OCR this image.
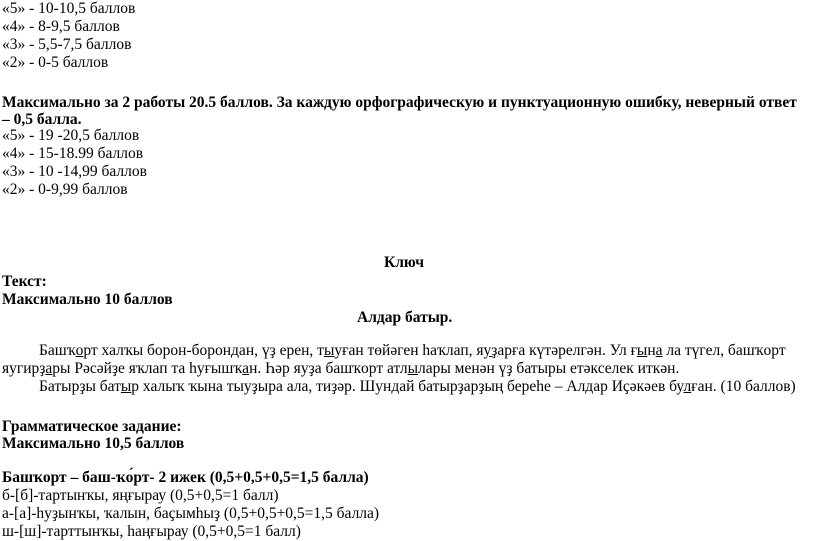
«5» - 10-10,5 баллов
«4» - 8-9,5 баллов
«3» - 5,5-7,5 баллов
«2» - 0-5 баллов
Максимально за 2 работы 20.5 баллов. За каждую орфографическую и пунктуационную ошибку, неверный ответ
– 0,5 балла.
«5» - 19 -20,5 баллов
«4» - 15-18.99 баллов
«3» - 10 -14,99 баллов
«2» - 0-9,99 баллов
Ключ
Текст:
Максимально 10 баллов
Алдар батыр.
Башҡорт халҡы борон-борондан, үҙ ерен, тыуған төйәген һаҡлап, яуҙарға күтәрелгән. Ул ғына ла түгел, башҡорт
яугирҙары Рәсәйҙе яҡлап та һуғышҡан. Һәр яуҙа башҡорт атлылары менән үҙ батыры етәкселек иткән.
Батырҙы батыр халыҡ ҡына тыуҙыра ала, тиҙәр. Шундай батырҙарҙың береһе – Алдар Иҫәкәев булған. (10 баллов)
Грамматическое задание:
Максимально 10,5 баллов
Башҡорт – баш-ҡо́рт- 2 ижек (0,5+0,5+0,5=1,5 балла)
б-[б]-тартынҡы, яңғырау (0,5+0,5=1 балл)
а-[а]-һуҙынҡы, ҡалын, баҫымһыҙ (0,5+0,5+0,5=1,5 балла)
ш-[ш]-тарттынҡы, һаңғырау (0,5+0,5=1 балл)
